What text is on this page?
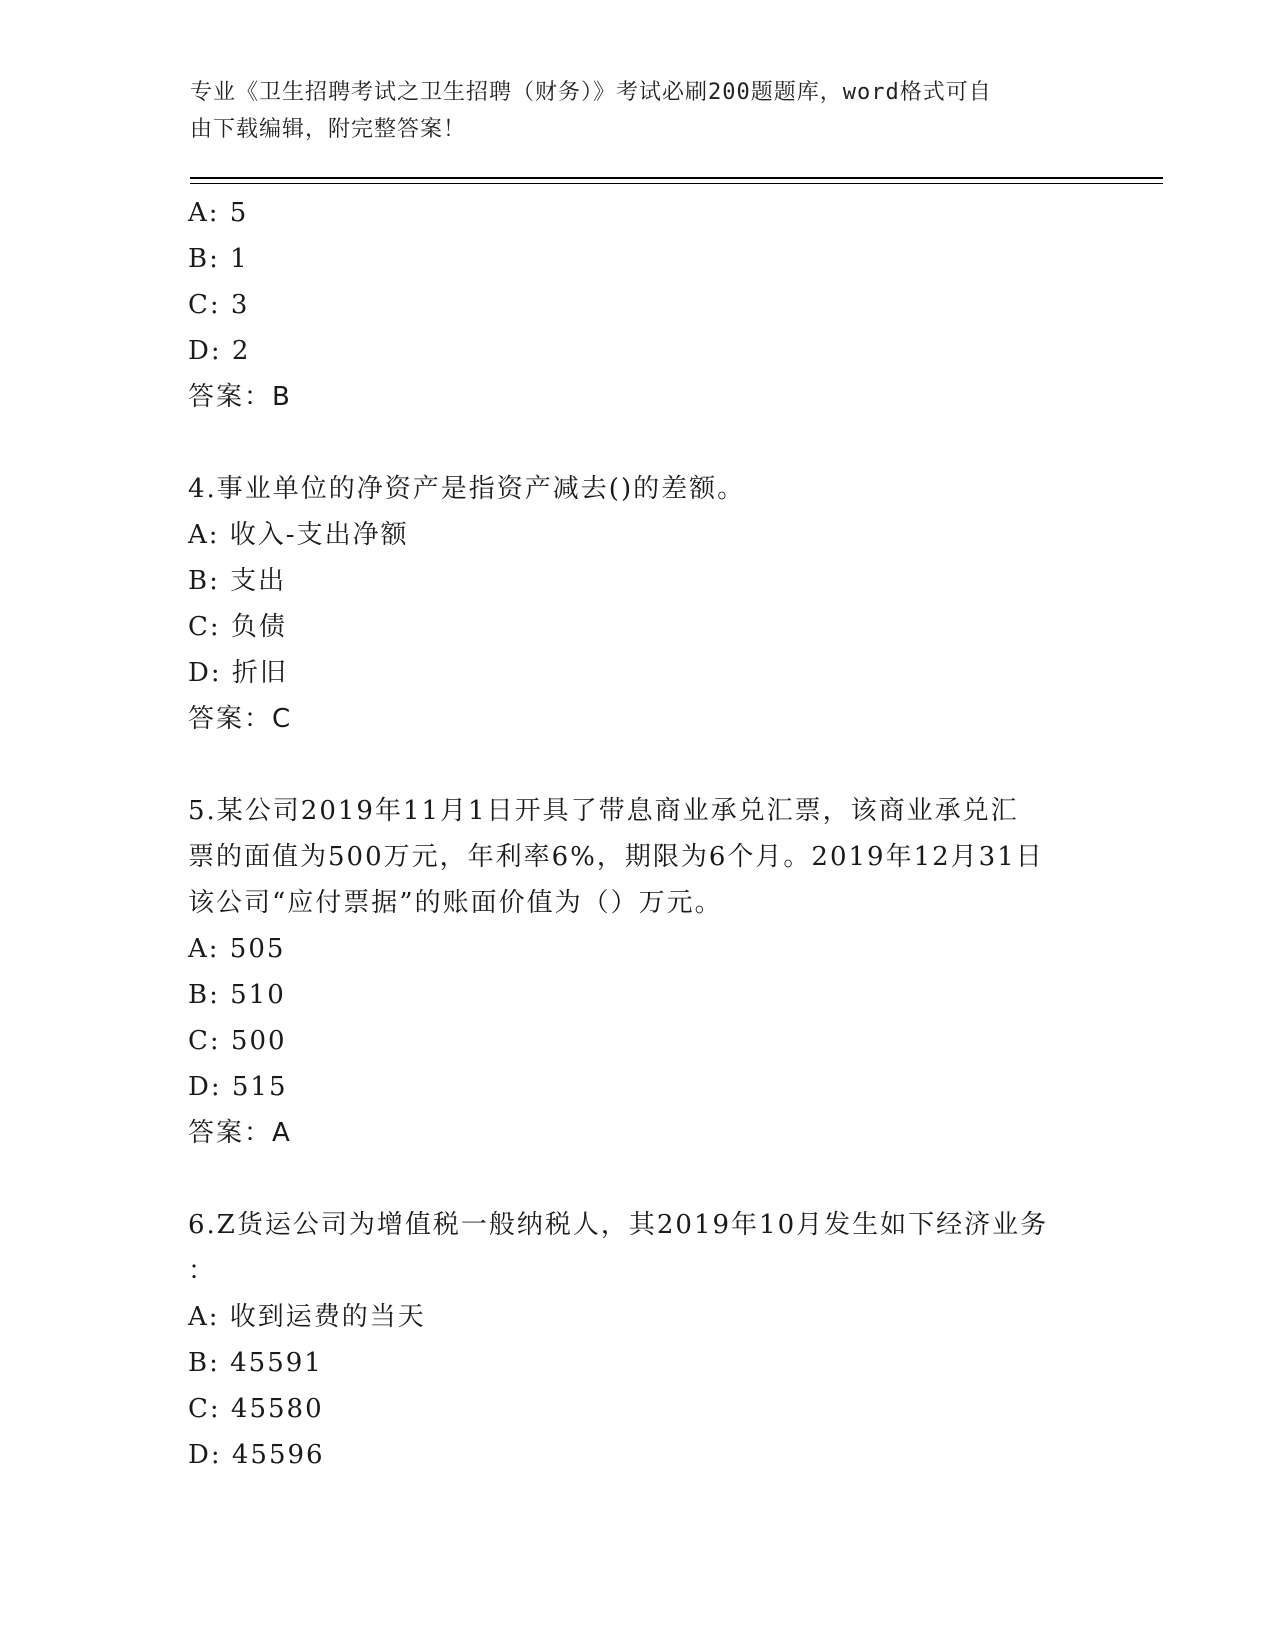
专业《卫生招聘考试之卫生招聘（财务）》考试必刷200题题库，word格式可自
由下载编辑，附完整答案！
A: 5
B: 1
C: 3
D: 2
答案：B
4.事业单位的净资产是指资产减去()的差额。
A: 收入-支出净额
B: 支出
C: 负债
D: 折旧
答案：C
5.某公司2019年11月1日开具了带息商业承兑汇票，该商业承兑汇
票的面值为500万元，年利率6%，期限为6个月。2019年12月31日
该公司“应付票据”的账面价值为（）万元。
A: 505
B: 510
C: 500
D: 515
答案：A
6.Z货运公司为增值税一般纳税人，其2019年10月发生如下经济业务
：
A: 收到运费的当天
B: 45591
C: 45580
D: 45596
